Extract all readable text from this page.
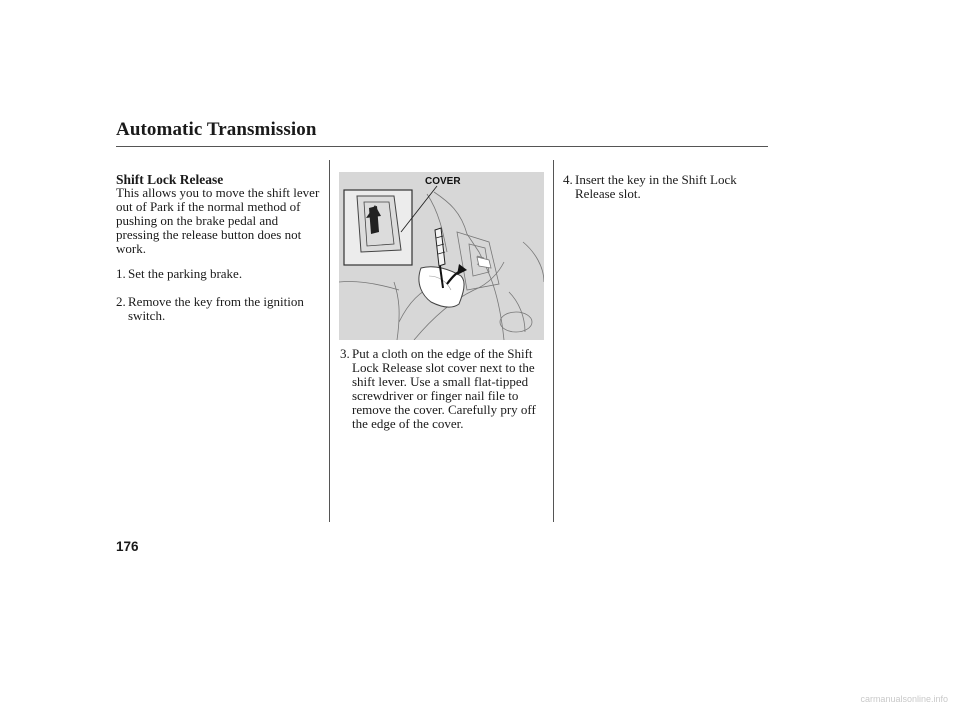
Automatic Transmission
Shift Lock Release

This allows you to move the shift lever out of Park if the normal method of pushing on the brake pedal and pressing the release button does not work.

1. Set the parking brake.
2. Remove the key from the ignition switch.
COVER
3. Put a cloth on the edge of the Shift Lock Release slot cover next to the shift lever. Use a small flat-tipped screwdriver or finger nail file to remove the cover. Carefully pry off the edge of the cover.
4. Insert the key in the Shift Lock Release slot.
176
carmanualsonline.info
